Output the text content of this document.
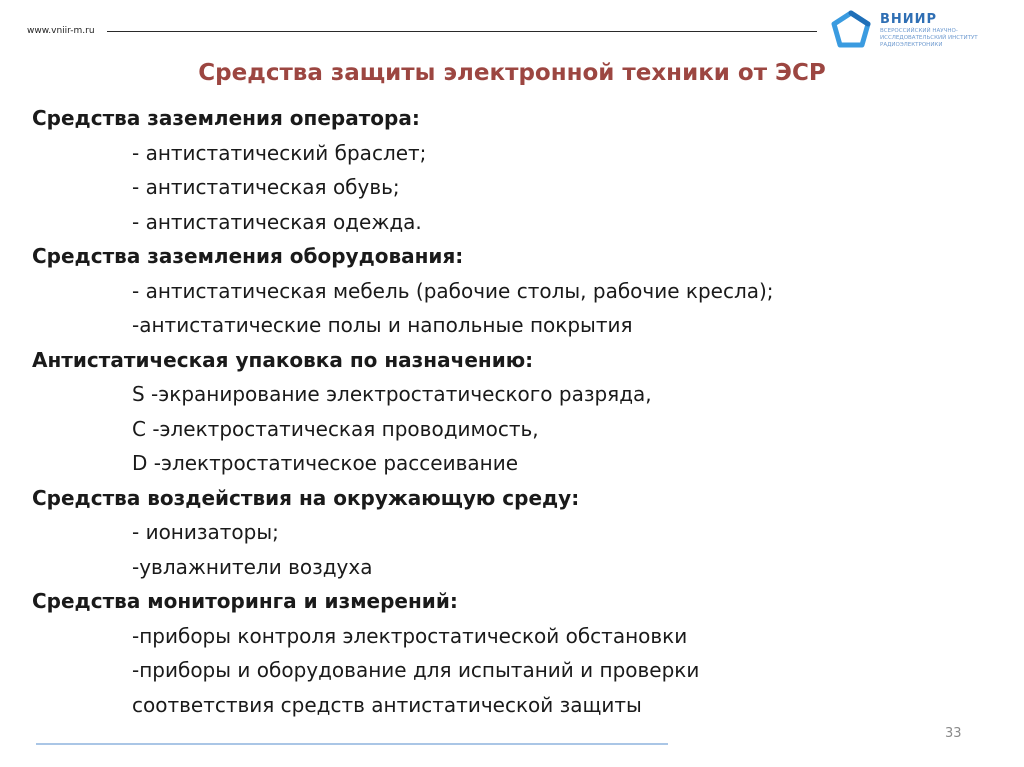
www.vniir-m.ru
ВНИИР
ВСЕРОССИЙСКИЙ НАУЧНО-ИССЛЕДОВАТЕЛЬСКИЙ ИНСТИТУТ РАДИОЭЛЕКТРОНИКИ
Средства защиты электронной техники от ЭСР
Средства заземления оператора:
- антистатический браслет;
- антистатическая обувь;
- антистатическая одежда.
Средства заземления оборудования:
- антистатическая мебель (рабочие столы, рабочие кресла);
-антистатические полы и напольные покрытия
Антистатическая упаковка по назначению:
S -экранирование электростатического разряда,
C -электростатическая проводимость,
D -электростатическое рассеивание
Средства воздействия на окружающую среду:
- ионизаторы;
-увлажнители воздуха
Средства мониторинга и измерений:
-приборы контроля электростатической обстановки
-приборы и оборудование для испытаний и проверки
соответствия средств антистатической защиты
33
